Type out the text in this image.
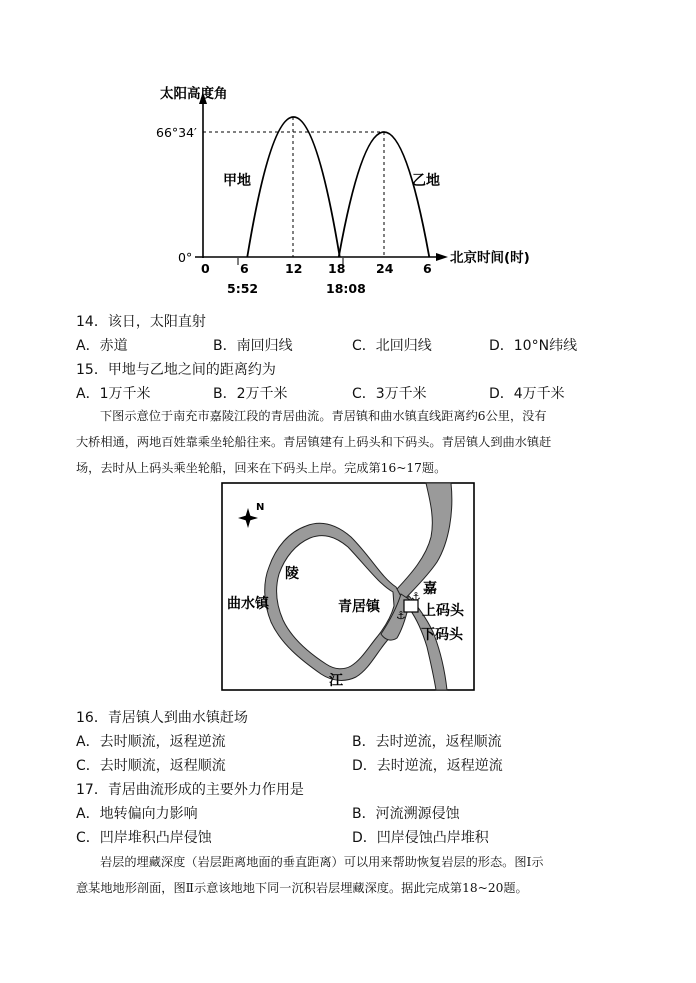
太阳高度角
66°34′
0°
甲地	乙地
北京时间(时)
0 6	12 18 24 6
5:52	18:08
14．该日，太阳直射
A．赤道	B．南回归线	C．北回归线	D．10°N纬线
15．甲地与乙地之间的距离约为
A．1万千米	B．2万千米	C．3万千米	D．4万千米
下图示意位于南充市嘉陵江段的青居曲流。青居镇和曲水镇直线距离约6公里，没有
大桥相通，两地百姓靠乘坐轮船往来。青居镇建有上码头和下码头。青居镇人到曲水镇赶
场，去时从上码头乘坐轮船，回来在下码头上岸。完成第16~17题。
⚓
⚓
N
陵
嘉
江
曲水镇	青居镇	上码头
下码头
16．青居镇人到曲水镇赶场
A．去时顺流，返程逆流	B．去时逆流，返程顺流
C．去时顺流，返程顺流	D．去时逆流，返程逆流
17．青居曲流形成的主要外力作用是
A．地转偏向力影响	B．河流溯源侵蚀
C．凹岸堆积凸岸侵蚀	D．凹岸侵蚀凸岸堆积
岩层的埋藏深度（岩层距离地面的垂直距离）可以用来帮助恢复岩层的形态。图Ⅰ示
意某地地形剖面，图Ⅱ示意该地地下同一沉积岩层埋藏深度。据此完成第18~20题。
